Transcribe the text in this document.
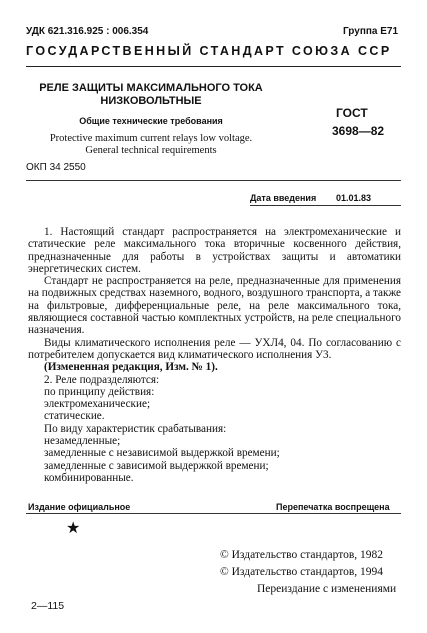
УДК 621.316.925 : 006.354	Группа Е71
ГОСУДАРСТВЕННЫЙ СТАНДАРТ СОЮЗА ССР
РЕЛЕ ЗАЩИТЫ МАКСИМАЛЬНОГО ТОКА
НИЗКОВОЛЬТНЫЕ
Общие технические требования
Protective maximum current relays low voltage.
General technical requirements
ГОСТ
3698—82
ОКП 34 2550
Дата введения 01.01.83

1. Настоящий стандарт распространяется на электромеханические и статические реле максимального тока вторичные косвенного действия, предназначенные для работы в устройствах защиты и автоматики энергетических систем.

Стандарт не распространяется на реле, предназначенные для применения на подвижных средствах наземного, водного, воздушного транспорта, а также на фильтровые, дифференциальные реле, на реле максимального тока, являющиеся составной частью комплектных устройств, на реле специального назначения.

Виды климатического исполнения реле — УХЛ4, 04. По согласованию с потребителем допускается вид климатического исполнения У3.

(Измененная редакция, Изм. № 1).

2. Реле подразделяются:

по принципу действия:

электромеханические;

статические.

По виду характеристик срабатывания:

незамедленные;

замедленные с независимой выдержкой времени;

замедленные с зависимой выдержкой времени;

комбинированные.

Издание официальное	Перепечатка воспрещена
★
© Издательство стандартов, 1982
© Издательство стандартов, 1994
Переиздание с изменениями
2—115
